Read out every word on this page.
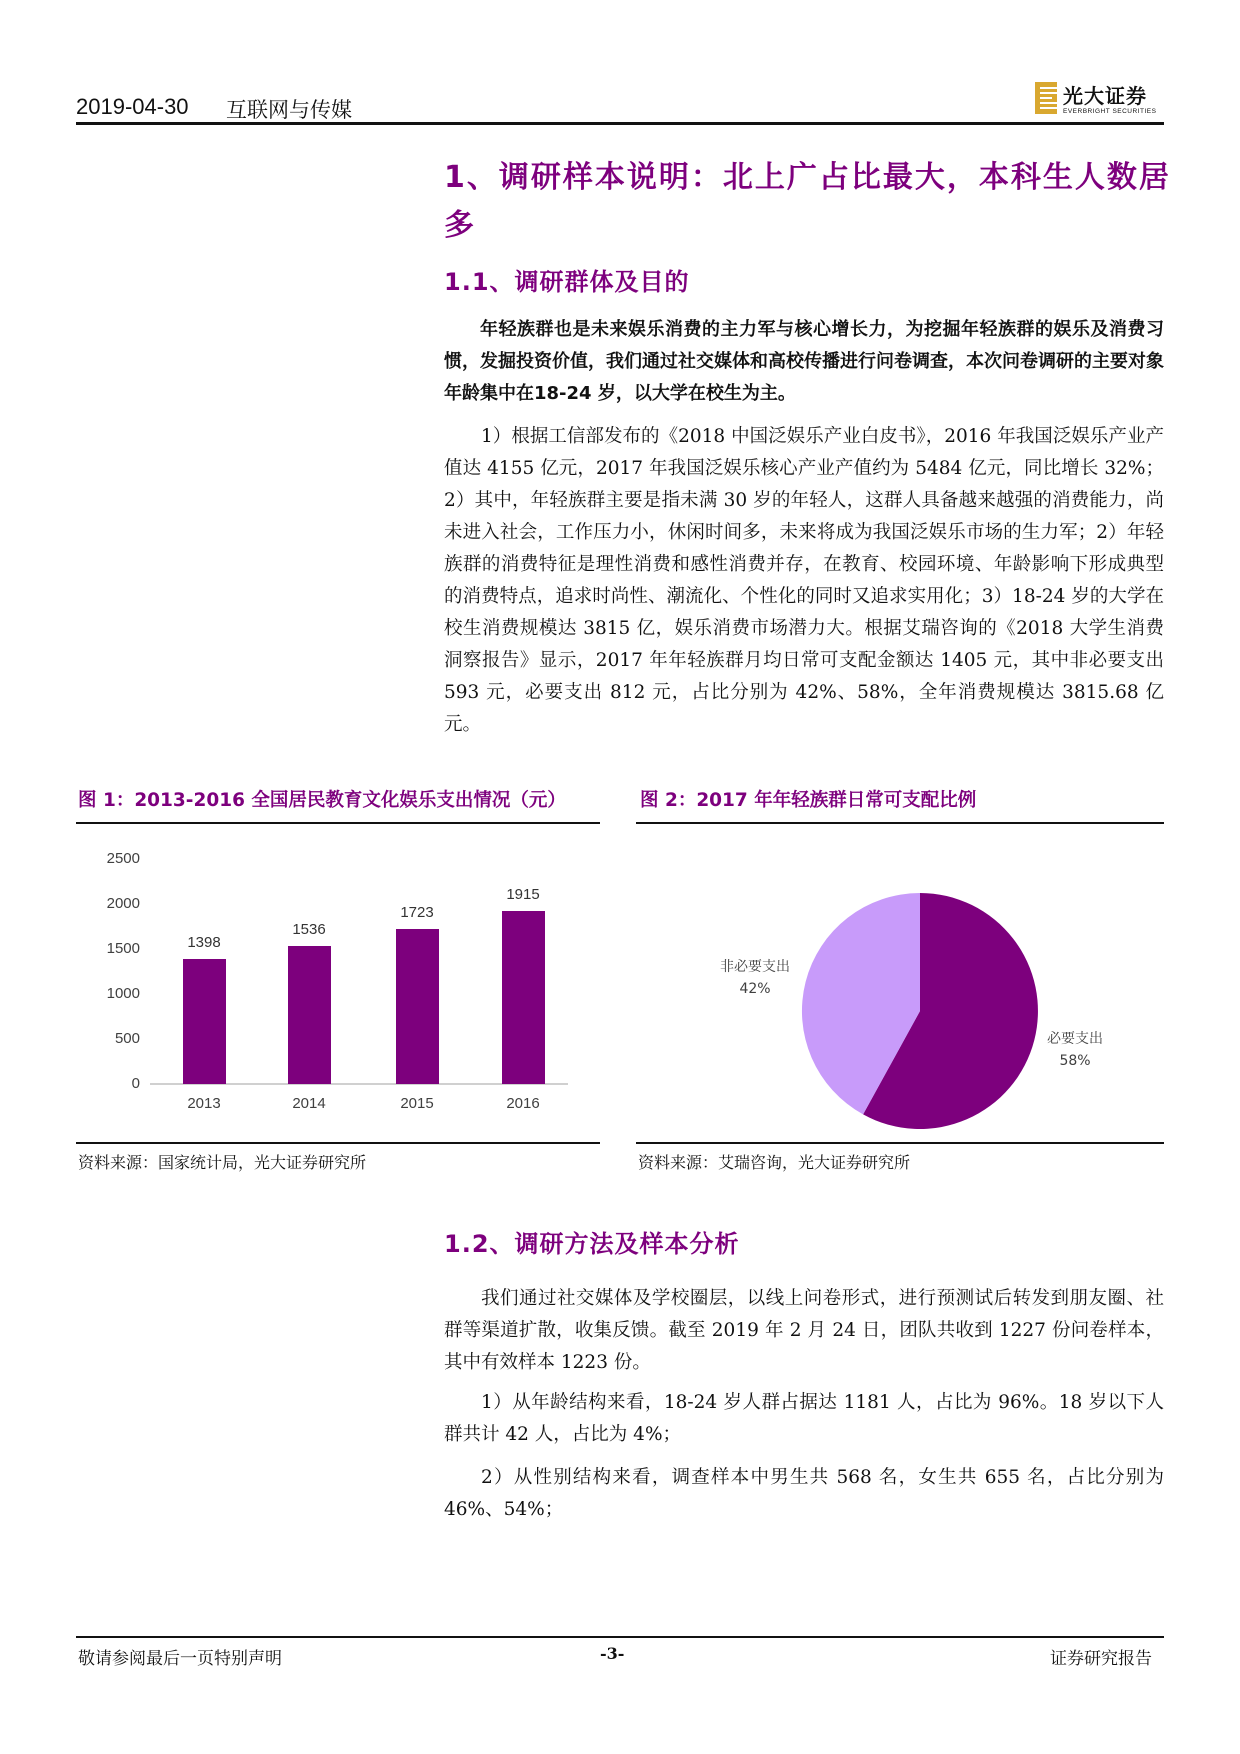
2019-04-30 互联网与传媒
光大证券
EVERBRIGHT SECURITIES
1、调研样本说明：北上广占比最大，本科生人数居多
1.1、调研群体及目的
年轻族群也是未来娱乐消费的主力军与核心增长力，为挖掘年轻族群的娱乐及消费习惯，发掘投资价值，我们通过社交媒体和高校传播进行问卷调查，本次问卷调研的主要对象年龄集中在18-24 岁，以大学在校生为主。
1）根据工信部发布的《2018 中国泛娱乐产业白皮书》，2016 年我国泛娱乐产业产值达 4155 亿元，2017 年我国泛娱乐核心产业产值约为 5484 亿元，同比增长 32%；2）其中，年轻族群主要是指未满 30 岁的年轻人，这群人具备越来越强的消费能力，尚未进入社会，工作压力小，休闲时间多，未来将成为我国泛娱乐市场的生力军；2）年轻族群的消费特征是理性消费和感性消费并存，在教育、校园环境、年龄影响下形成典型的消费特点，追求时尚性、潮流化、个性化的同时又追求实用化；3）18-24 岁的大学在校生消费规模达 3815 亿，娱乐消费市场潜力大。根据艾瑞咨询的《2018 大学生消费洞察报告》显示，2017 年年轻族群月均日常可支配金额达 1405 元，其中非必要支出 593 元，必要支出 812 元，占比分别为 42%、58%，全年消费规模达 3815.68 亿元。
图 1：2013-2016 全国居民教育文化娱乐支出情况（元）	图 2：2017 年年轻族群日常可支配比例
2500
2000
1500
1000
500
0
1398
1536
1723
1915
2013	2014	2015	2016
非必要支出
42%
必要支出
58%
资料来源：国家统计局，光大证券研究所	资料来源：艾瑞咨询，光大证券研究所
1.2、调研方法及样本分析
我们通过社交媒体及学校圈层，以线上问卷形式，进行预测试后转发到朋友圈、社群等渠道扩散，收集反馈。截至 2019 年 2 月 24 日，团队共收到 1227 份问卷样本，其中有效样本 1223 份。
1）从年龄结构来看，18-24 岁人群占据达 1181 人，占比为 96%。18 岁以下人群共计 42 人，占比为 4%；
2）从性别结构来看，调查样本中男生共 568 名，女生共 655 名，占比分别为 46%、54%；
敬请参阅最后一页特别声明	-3-	证券研究报告
